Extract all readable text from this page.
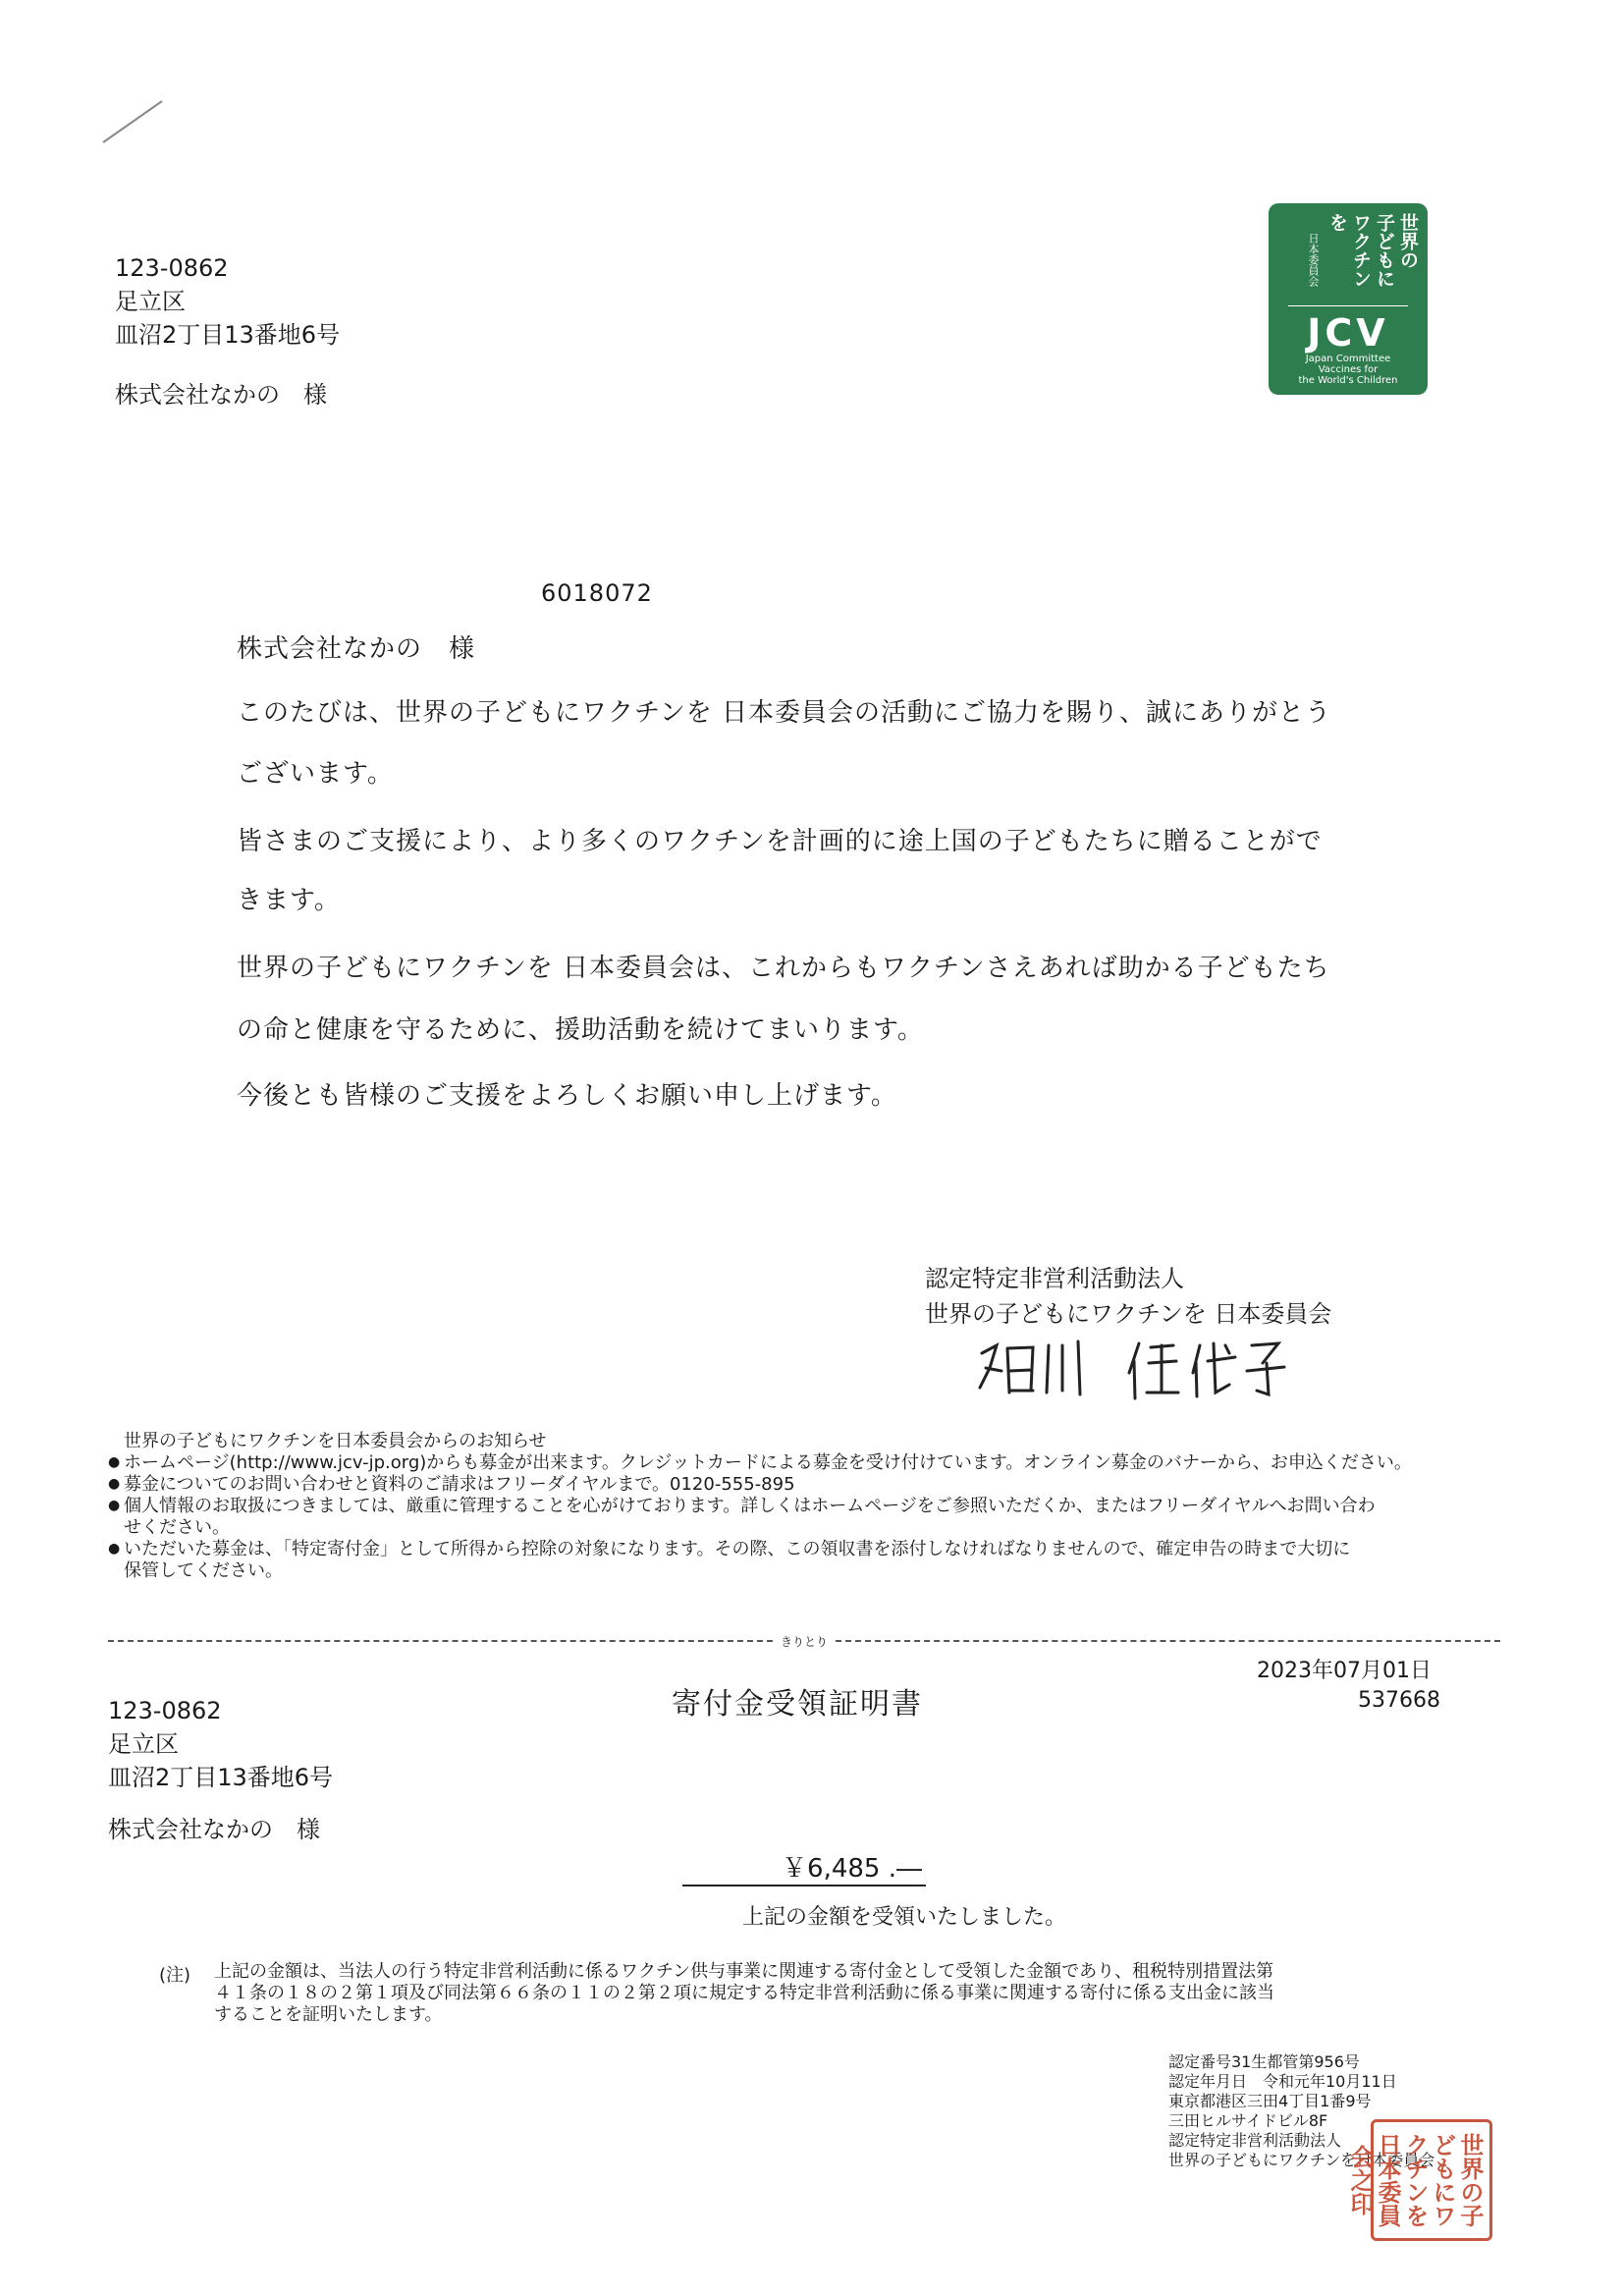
123-0862
足立区
皿沼2丁目13番地6号
株式会社なかの　様
世界の
子どもに
ワクチン
を
日本委員会
JCV
Japan Committee
Vaccines for
the World's Children
6018072
株式会社なかの　様
このたびは、世界の子どもにワクチンを 日本委員会の活動にご協力を賜り、誠にありがとう
ございます。
皆さまのご支援により、より多くのワクチンを計画的に途上国の子どもたちに贈ることがで
きます。
世界の子どもにワクチンを 日本委員会は、これからもワクチンさえあれば助かる子どもたち
の命と健康を守るために、援助活動を続けてまいります。
今後とも皆様のご支援をよろしくお願い申し上げます。
認定特定非営利活動法人
世界の子どもにワクチンを 日本委員会
世界の子どもにワクチンを日本委員会からのお知らせ
● ホームページ(http://www.jcv-jp.org)からも募金が出来ます。クレジットカードによる募金を受け付けています。オンライン募金のバナーから、お申込ください。
● 募金についてのお問い合わせと資料のご請求はフリーダイヤルまで。0120-555-895
● 個人情報のお取扱につきましては、厳重に管理することを心がけております。詳しくはホームページをご参照いただくか、またはフリーダイヤルへお問い合わ
せください。
● いただいた募金は、「特定寄付金」として所得から控除の対象になります。その際、この領収書を添付しなければなりませんので、確定申告の時まで大切に
保管してください。
きりとり
2023年07月01日
537668
寄付金受領証明書
123-0862
足立区
皿沼2丁目13番地6号
株式会社なかの　様
￥6,485 .―
上記の金額を受領いたしました。
(注) 上記の金額は、当法人の行う特定非営利活動に係るワクチン供与事業に関連する寄付金として受領した金額であり、租税特別措置法第
４１条の１８の２第１項及び同法第６６条の１１の２第２項に規定する特定非営利活動に係る事業に関連する寄付に係る支出金に該当
することを証明いたします。
認定番号31生都管第956号
認定年月日　令和元年10月11日
東京都港区三田4丁目1番9号
三田ヒルサイドビル8F
認定特定非営利活動法人
世界の子どもにワクチンを日本委員会 世界の子どもにワクチンを日本委員会之印
